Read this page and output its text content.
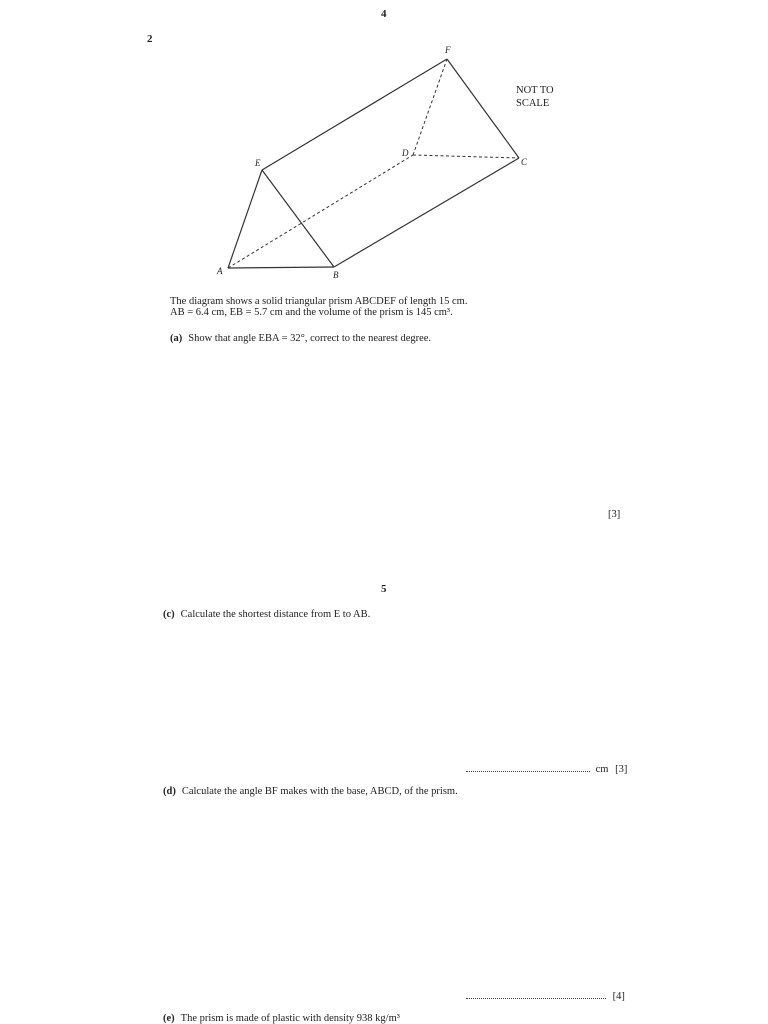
4
2
F
E
D
C
A	B
NOT TO
SCALE
The diagram shows a solid triangular prism ABCDEF of length 15 cm.
AB = 6.4 cm, EB = 5.7 cm and the volume of the prism is 145 cm³.
(a) Show that angle EBA = 32°, correct to the nearest degree.
[3]
5
(c) Calculate the shortest distance from E to AB.
cm [3]
(d) Calculate the angle BF makes with the base, ABCD, of the prism.
[4]
(e) The prism is made of plastic with density 938 kg/m³
